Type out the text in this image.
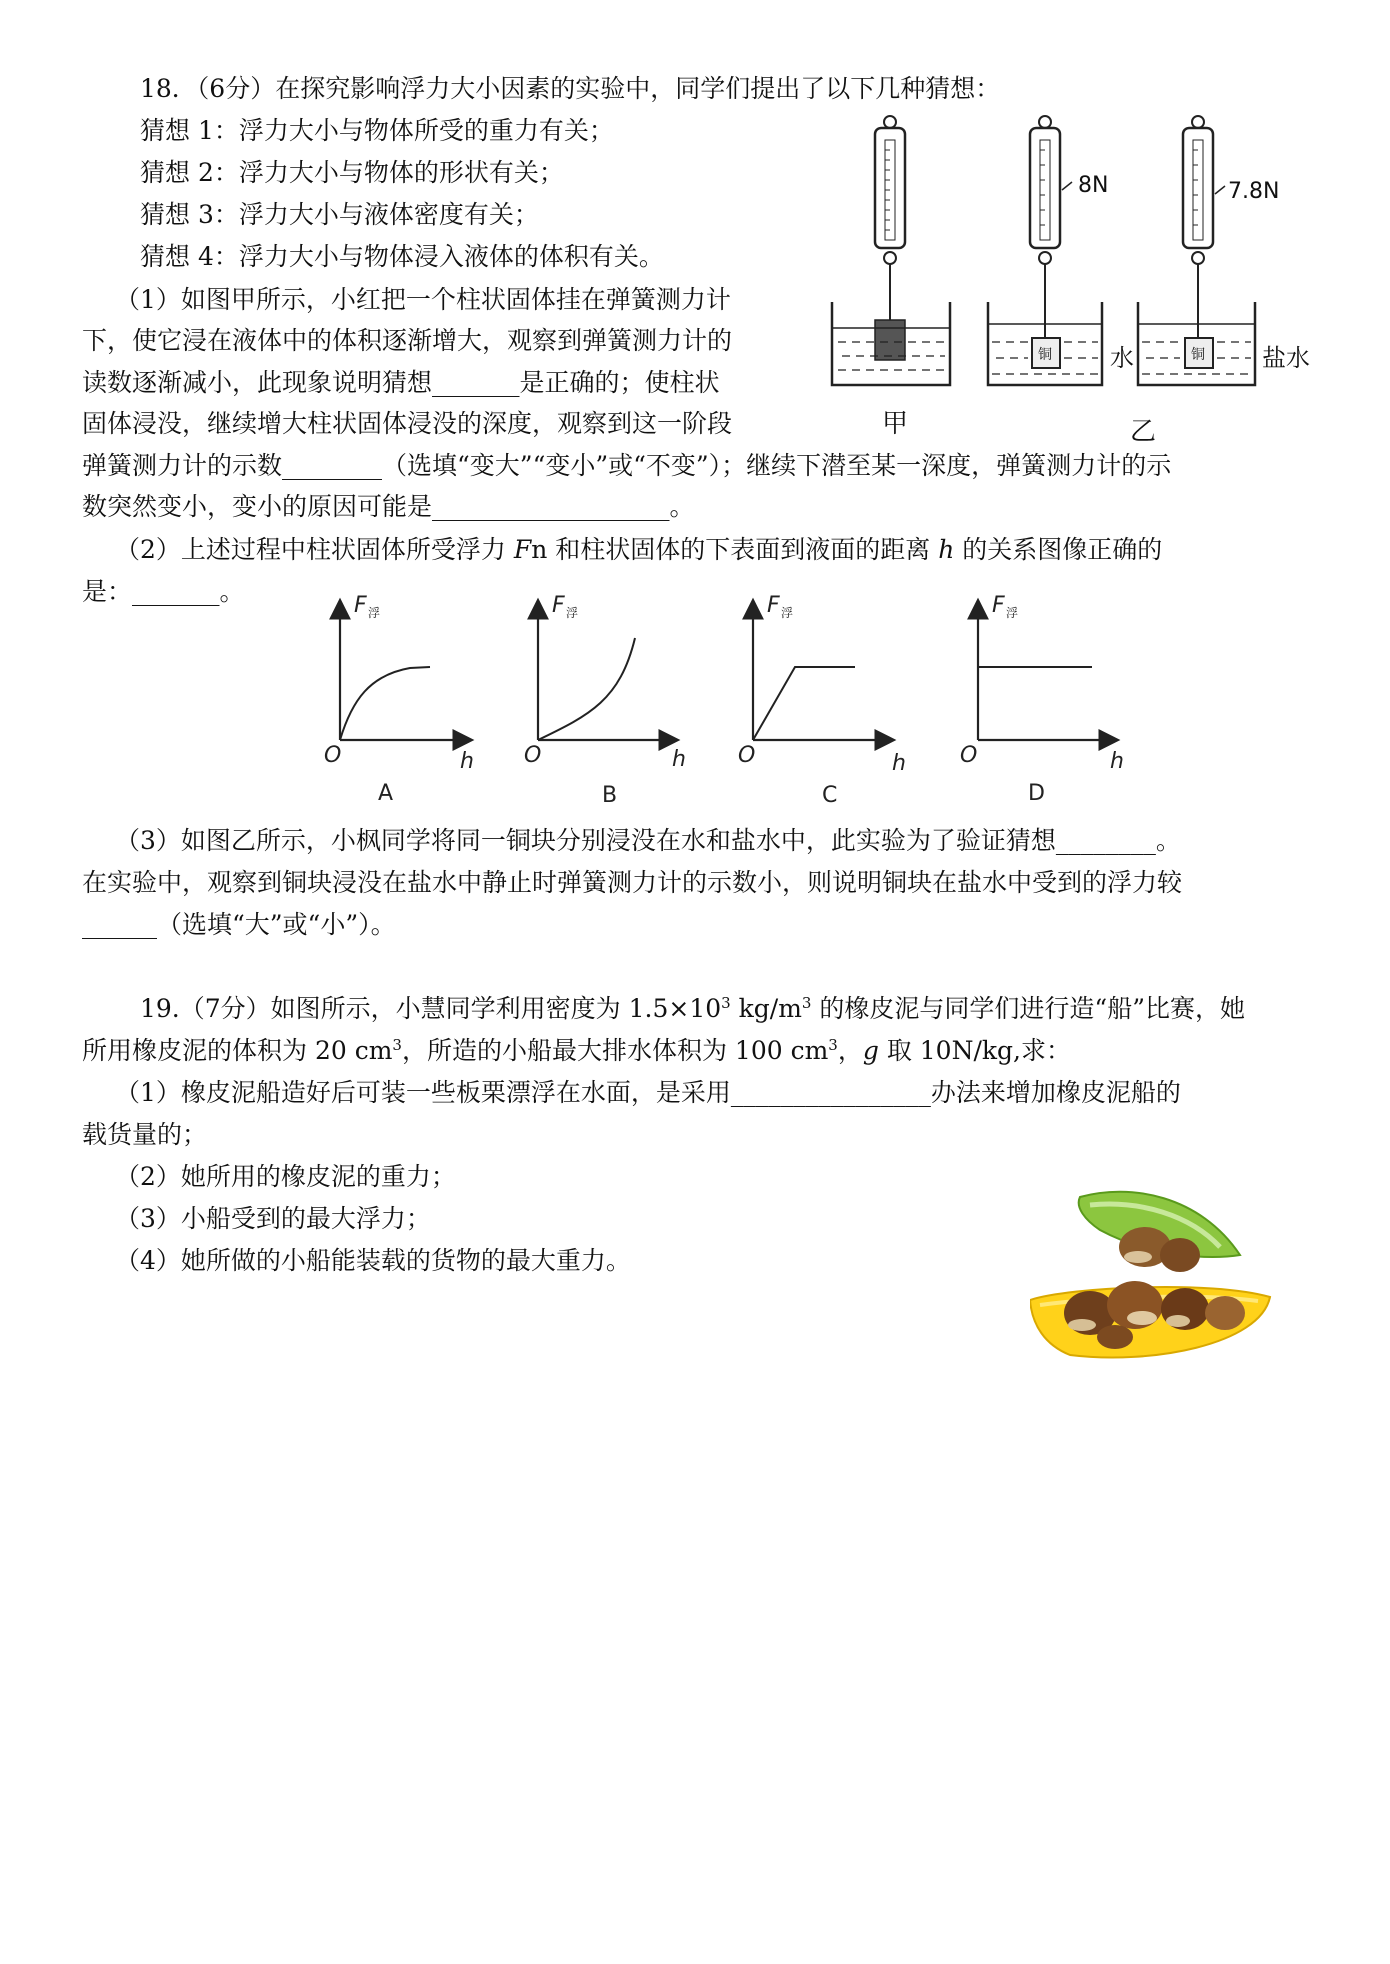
18．（6分）在探究影响浮力大小因素的实验中，同学们提出了以下几种猜想：
猜想 1：浮力大小与物体所受的重力有关；
猜想 2：浮力大小与物体的形状有关；
猜想 3：浮力大小与液体密度有关；
猜想 4：浮力大小与物体浸入液体的体积有关。
（1）如图甲所示，小红把一个柱状固体挂在弹簧测力计
下，使它浸在液体中的体积逐渐增大，观察到弹簧测力计的
读数逐渐减小，此现象说明猜想_______是正确的；使柱状
固体浸没，继续增大柱状固体浸没的深度，观察到这一阶段
弹簧测力计的示数________（选填“变大”“变小”或“不变”）；继续下潜至某一深度，弹簧测力计的示
数突然变小，变小的原因可能是___________________。
（2）上述过程中柱状固体所受浮力 Fn 和柱状固体的下表面到液面的距离 h 的关系图像正确的
是：_______。
（3）如图乙所示，小枫同学将同一铜块分别浸没在水和盐水中，此实验为了验证猜想________。
在实验中，观察到铜块浸没在盐水中静止时弹簧测力计的示数小，则说明铜块在盐水中受到的浮力较
______（选填“大”或“小”）。
甲
铜
8N
水	铜
7.8N
盐水
乙
F 浮
O	h
A
F 浮
O	h
B
F 浮
O	h
C
F 浮
O	h
D
19.（7分）如图所示，小慧同学利用密度为 $1.5\times 10^3$ $kg/m^3$ 的橡皮泥与同学们进行造“船”比赛，她
所用橡皮泥的体积为 20 $cm^3$，所造的小船最大排水体积为 100 $cm^3$，g 取 10N/kg,求：
（1）橡皮泥船造好后可装一些板栗漂浮在水面，是采用________________办法来增加橡皮泥船的
载货量的；
（2）她所用的橡皮泥的重力；
（3）小船受到的最大浮力；
（4）她所做的小船能装载的货物的最大重力。
